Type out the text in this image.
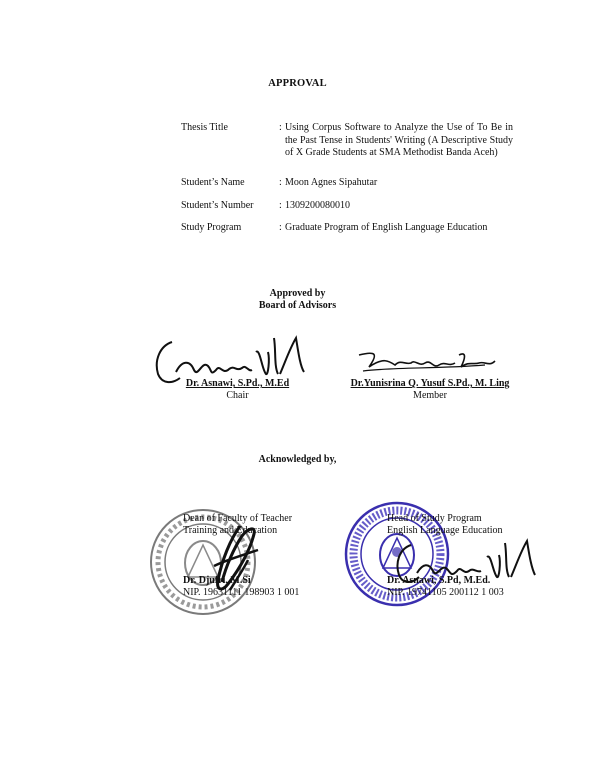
APPROVAL
Thesis Title	: Using Corpus Software to Analyze the Use of To Be in the Past Tense in Students' Writing (A Descriptive Study of X Grade Students at SMA Methodist Banda Aceh)
Student’s Name	: Moon Agnes Sipahutar
Student’s Number	: 1309200080010
Study Program	: Graduate Program of English Language Education
Approved by
Board of Advisors
Dr. Asnawi, S.Pd., M.Ed
Chair
Dr.Yunisrina Q. Yusuf S.Pd., M. Ling
Member
Acknowledged by,
Dean of Faculty of Teacher
Training and Education
Dr. Djufri, M.Si
NIP. 19631111 198903 1 001
Head of Study Program
English Language Education
Dr. Asnawi, S.Pd, M.Ed.
NIP. 19741105 200112 1 003
